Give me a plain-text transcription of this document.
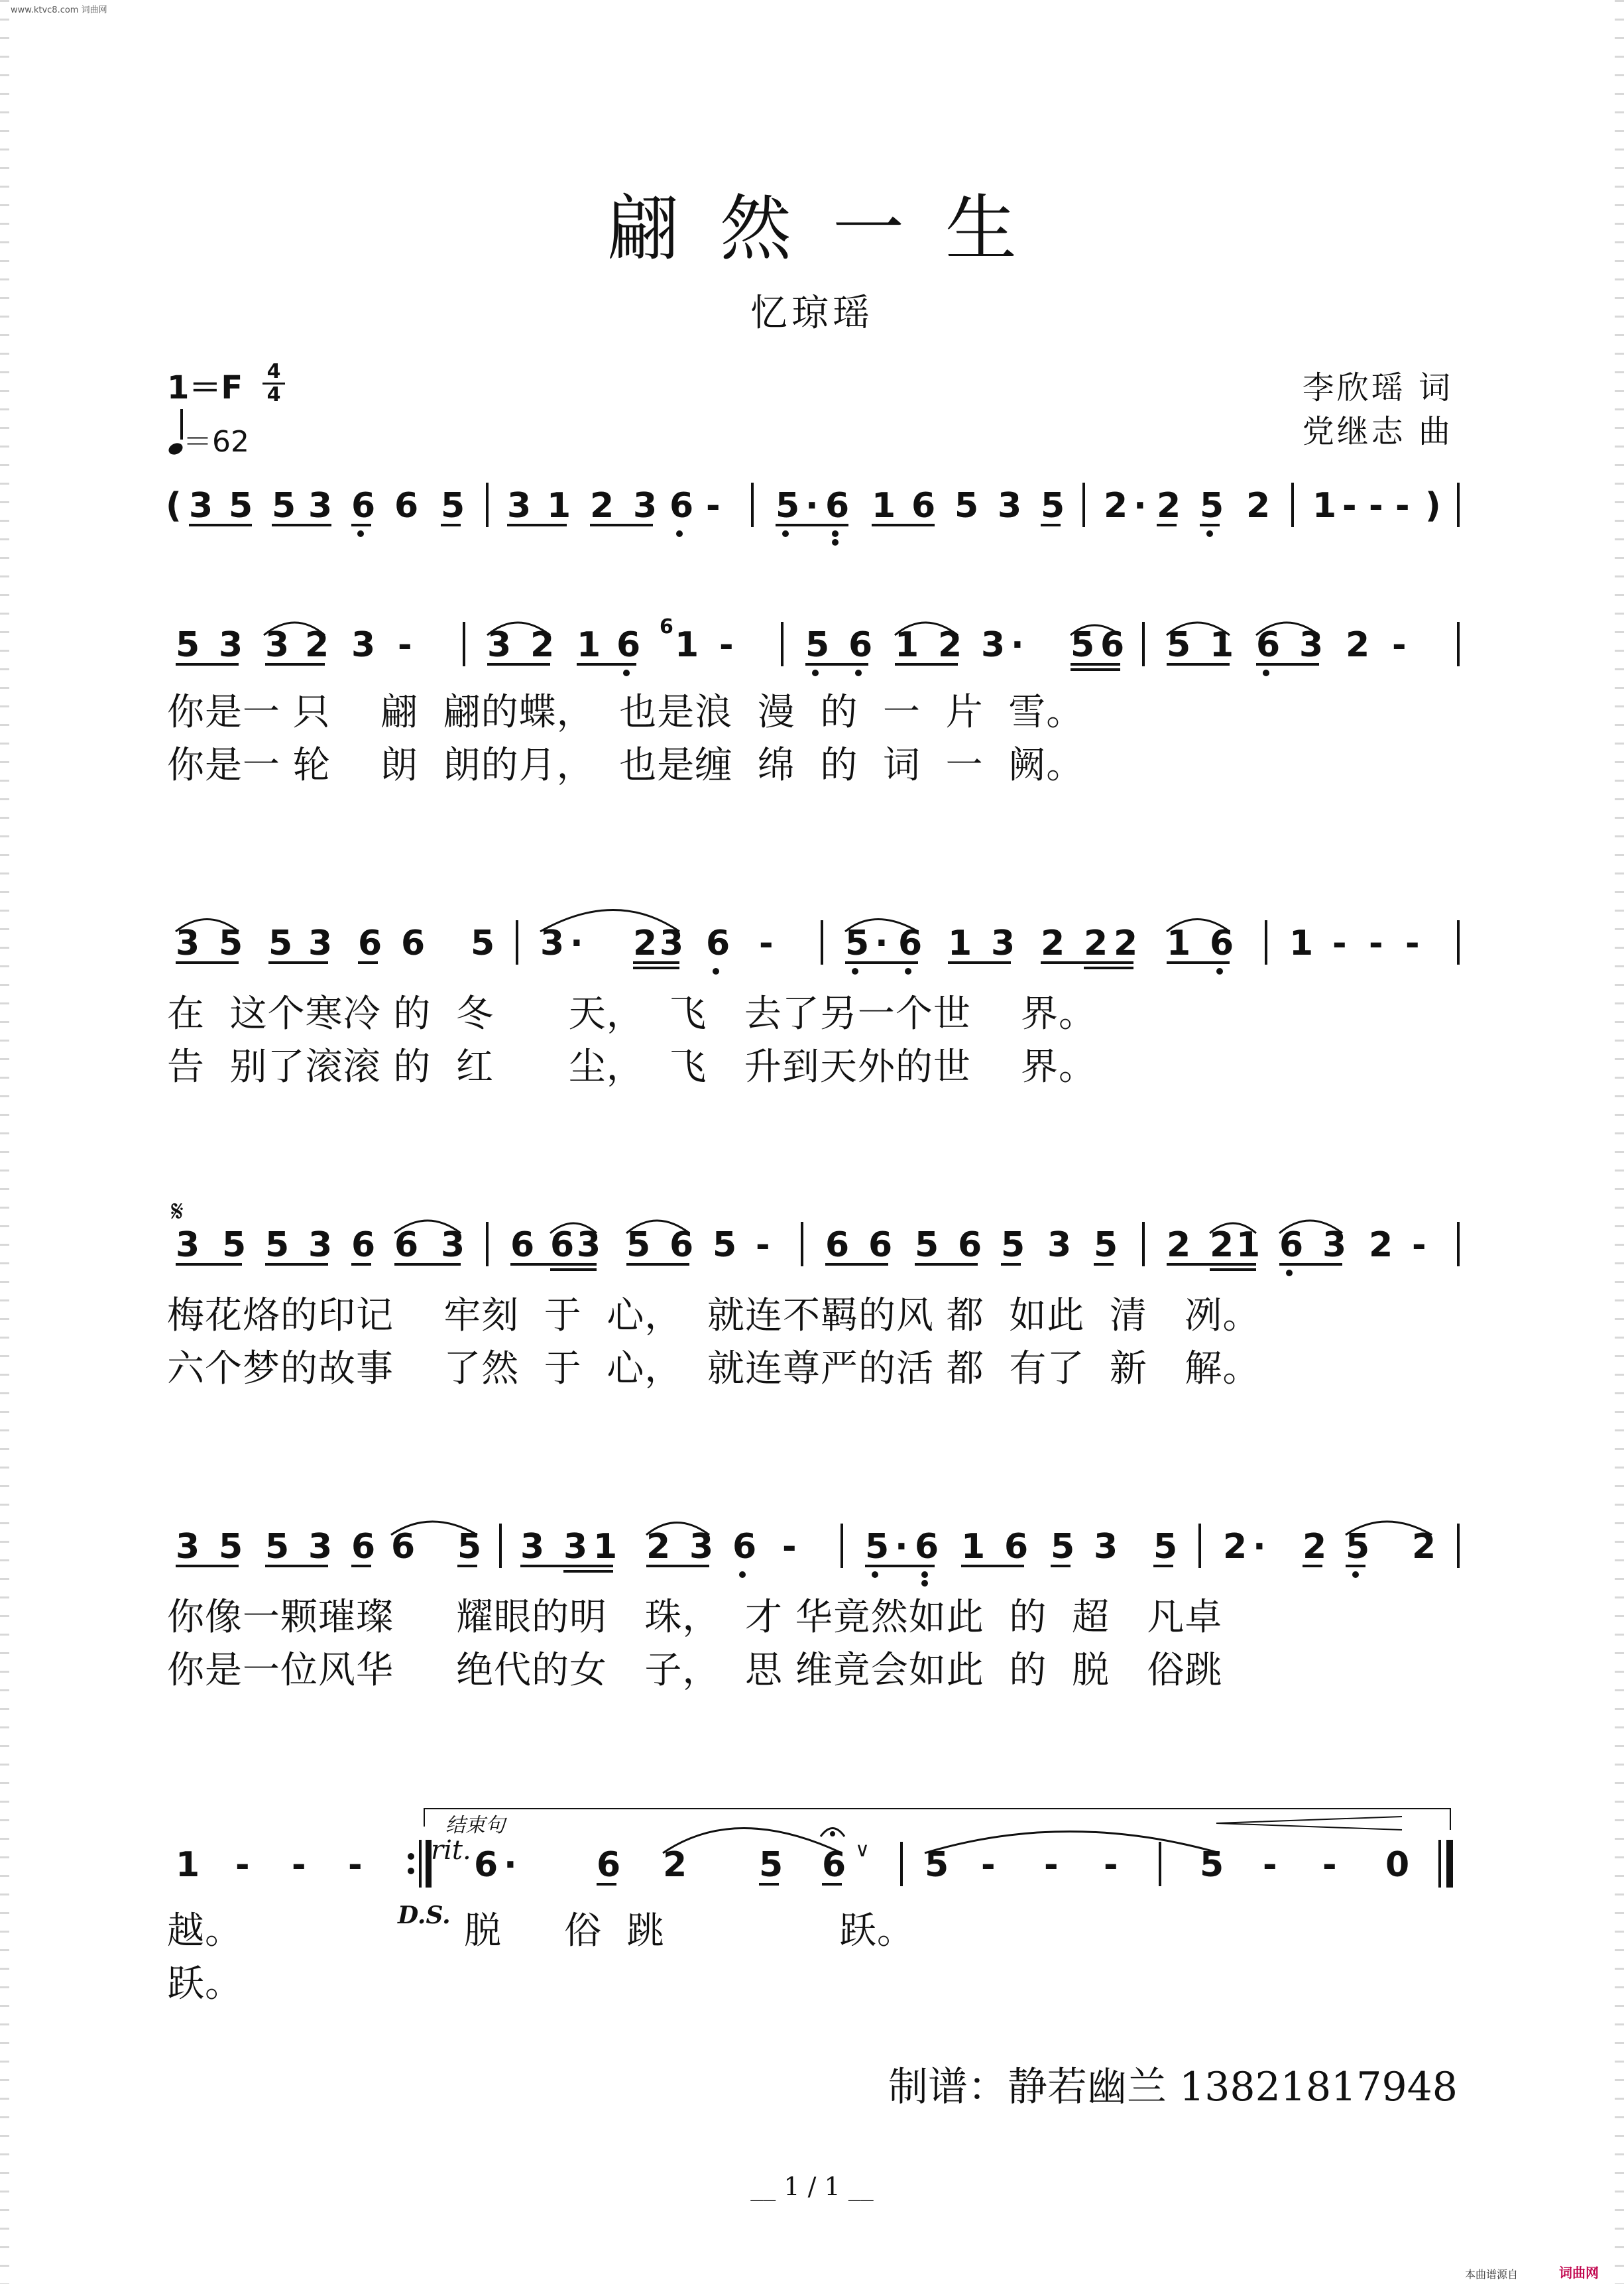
www.ktvc8.com 词曲网
翩然一生
忆琼瑶
1＝F 4
4
＝62
李欣瑶 词
党继志 曲
( 3 5 5 3 6 6 5 3 1 2 3 6 - 5 · 6 1 6 5 3 5 2 · 2 5 2 1 - - - )
5 3 3 2 3 - 3 2 1 6 1 - 5 6 1 2 3 · 5 6 5 1 6 3 2 -
3 5 5 3 6 6 5 3 · 2 3 6 - 5 · 6 1 3 2 2 2 1 6 1 - - -
3 5 5 3 6 6 3 6 6 3 5 6 5 - 6 6 5 6 5 3 5 2 2 1 6 3 2 -
3 5 5 3 6 6 5 3 3 1 2 3 6 - 5 · 6 1 6 5 3 5 2 · 2 5 2
1 - - -	6 · 6 2 5 6 5 - - - 5 - - 0
6
𝄋
∨
结束句
rit.
D.S.
你是一 只    翩  翩的蝶，  也是浪  漫  的  一  片  雪。
你是一 轮    朗  朗的月，  也是缠  绵  的  词  一  阙。
在  这个寒冷 的  冬      天，  飞   去了另一个世    界。
告  别了滚滚 的  红      尘，  飞   升到天外的世    界。
梅花烙的印记    牢刻  于  心，  就连不羁的风 都  如此  清   冽。
六个梦的故事    了然  于  心，  就连尊严的活 都  有了  新   解。
你像一颗璀璨     耀眼的明   珠，  才 华竟然如此  的  超   凡卓
你是一位风华     绝代的女   子，  思 维竟会如此  的  脱   俗跳
越。	脱     俗  跳              跃。
跃。
制谱：静若幽兰 13821817948
__ 1 / 1 __
本曲谱源自	词曲网
